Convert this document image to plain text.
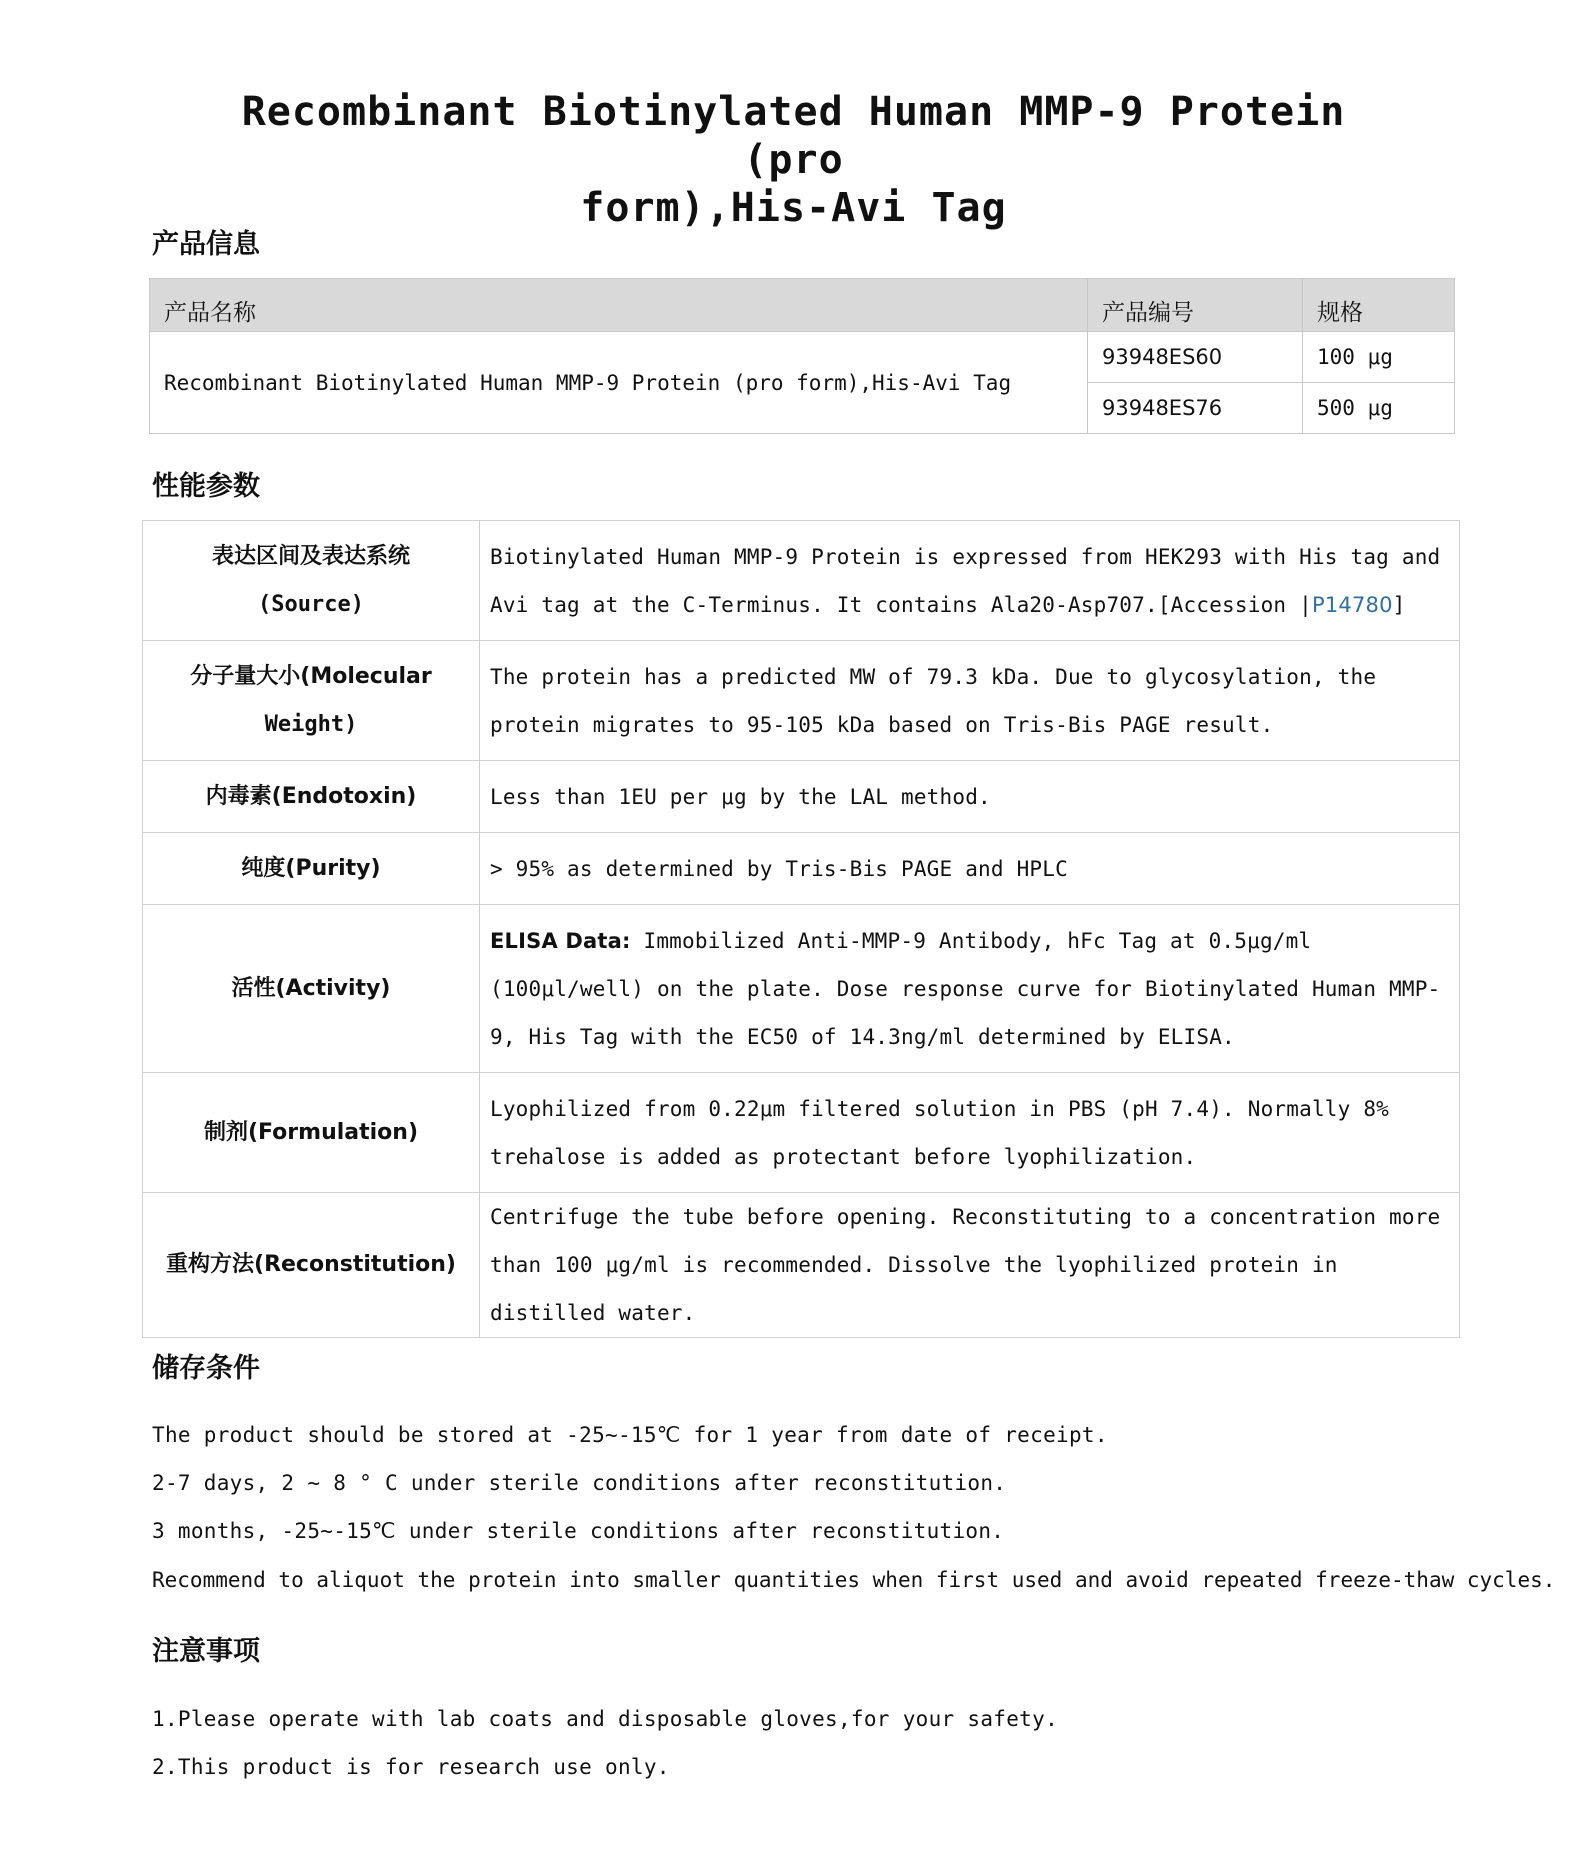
Recombinant Biotinylated Human MMP-9 Protein (pro
form),His-Avi Tag
产品信息
产品名称	产品编号	规格
Recombinant Biotinylated Human MMP-9 Protein (pro form),His-Avi Tag	93948ES60	100 μg
	93948ES76	500 μg
性能参数
表达区间及表达系统
(Source)	Biotinylated Human MMP-9 Protein is expressed from HEK293 with His tag and Avi tag at the C-Terminus. It contains Ala20-Asp707.[Accession |P14780]

分子量大小(Molecular
Weight)	The protein has a predicted MW of 79.3 kDa. Due to glycosylation, the protein migrates to 95-105 kDa based on Tris-Bis PAGE result.
内毒素(Endotoxin)	Less than 1EU per μg by the LAL method.
纯度(Purity)	> 95% as determined by Tris-Bis PAGE and HPLC
活性(Activity)	ELISA Data: Immobilized Anti-MMP-9 Antibody, hFc Tag at 0.5μg/ml (100μl/well) on the plate. Dose response curve for Biotinylated Human MMP-9, His Tag with the EC50 of 14.3ng/ml determined by ELISA.
制剂(Formulation)	Lyophilized from 0.22μm filtered solution in PBS (pH 7.4). Normally 8% trehalose is added as protectant before lyophilization.
重构方法(Reconstitution)	Centrifuge the tube before opening. Reconstituting to a concentration more than 100 μg/ml is recommended. Dissolve the lyophilized protein in distilled water.
储存条件
The product should be stored at -25~-15℃ for 1 year from date of receipt.
2-7 days, 2 ~ 8 ° C under sterile conditions after reconstitution.
3 months, -25~-15℃ under sterile conditions after reconstitution.
Recommend to aliquot the protein into smaller quantities when first used and avoid repeated freeze-thaw cycles.
注意事项
1.Please operate with lab coats and disposable gloves,for your safety.
2.This product is for research use only.
